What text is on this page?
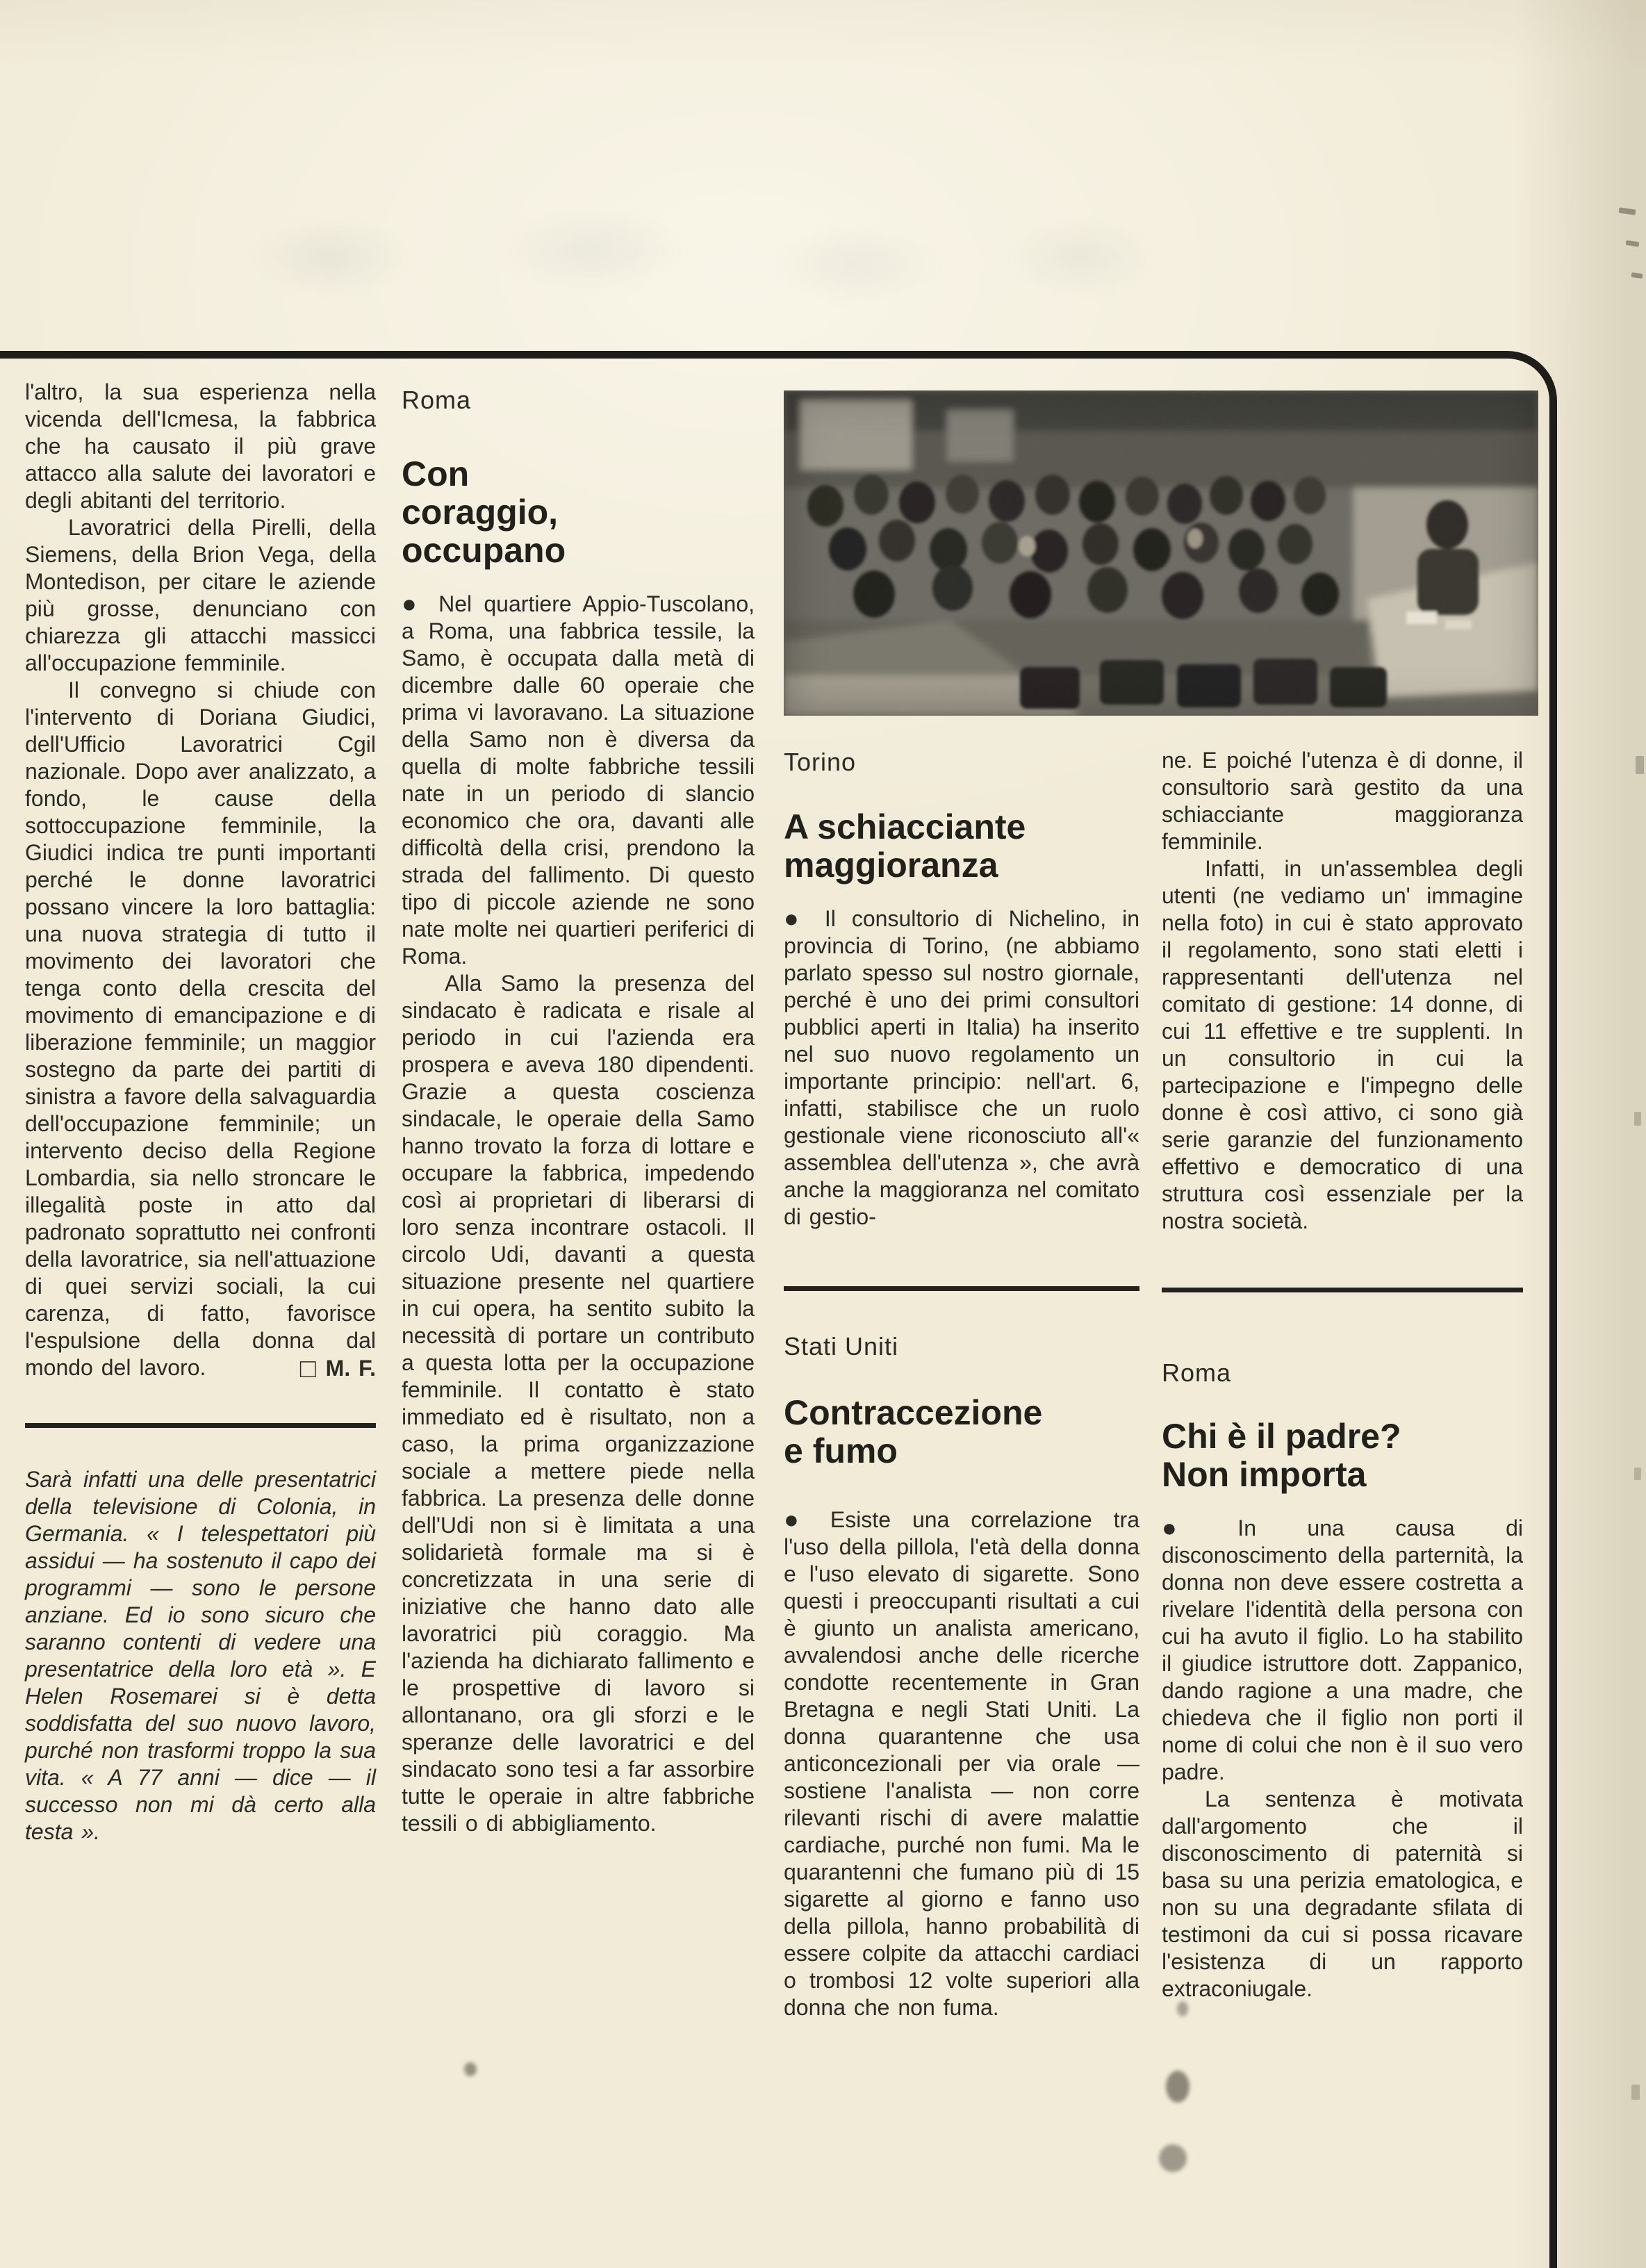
l'altro, la sua esperienza nella vicenda dell'Icmesa, la fabbrica che ha causato il più grave attacco alla salute dei lavoratori e degli abitanti del territorio.

Lavoratrici della Pirelli, della Siemens, della Brion Vega, della Montedison, per citare le aziende più grosse, denunciano con chiarezza gli attacchi massicci all'occupazione femminile.

Il convegno si chiude con l'intervento di Doriana Giudici, dell'Ufficio Lavoratrici Cgil nazionale. Dopo aver analizzato, a fondo, le cause della sottoccupazione femminile, la Giudici indica tre punti importanti perché le donne lavoratrici possano vincere la loro battaglia: una nuova strategia di tutto il movimento dei lavoratori che tenga conto della crescita del movimento di emancipazione e di liberazione femminile; un maggior sostegno da parte dei partiti di sinistra a favore della salvaguardia dell'occupazione femminile; un intervento deciso della Regione Lombardia, sia nello stroncare le illegalità poste in atto dal padronato soprattutto nei confronti della lavoratrice, sia nell'attuazione di quei servizi sociali, la cui carenza, di fatto, favorisce l'espulsione della donna dal mondo del lavoro.	□ M. F.

Sarà infatti una delle presentatrici della televisione di Colonia, in Germania. « I telespettatori più assidui — ha sostenuto il capo dei programmi — sono le persone anziane. Ed io sono sicuro che saranno contenti di vedere una presentatrice della loro età ». E Helen Rosemarei si è detta soddisfatta del suo nuovo lavoro, purché non trasformi troppo la sua vita. « A 77 anni — dice — il successo non mi dà certo alla testa ».

Roma
Con
coraggio,
occupano

● Nel quartiere Appio-Tuscolano, a Roma, una fabbrica tessile, la Samo, è occupata dalla metà di dicembre dalle 60 operaie che prima vi lavoravano. La situazione della Samo non è diversa da quella di molte fabbriche tessili nate in un periodo di slancio economico che ora, davanti alle difficoltà della crisi, prendono la strada del fallimento. Di questo tipo di piccole aziende ne sono nate molte nei quartieri periferici di Roma.

Alla Samo la presenza del sindacato è radicata e risale al periodo in cui l'azienda era prospera e aveva 180 dipendenti. Grazie a questa coscienza sindacale, le operaie della Samo hanno trovato la forza di lottare e occupare la fabbrica, impedendo così ai proprietari di liberarsi di loro senza incontrare ostacoli. Il circolo Udi, davanti a questa situazione presente nel quartiere in cui opera, ha sentito subito la necessità di portare un contributo a questa lotta per la occupazione femminile. Il contatto è stato immediato ed è risultato, non a caso, la prima organizzazione sociale a mettere piede nella fabbrica. La presenza delle donne dell'Udi non si è limitata a una solidarietà formale ma si è concretizzata in una serie di iniziative che hanno dato alle lavoratrici più coraggio. Ma l'azienda ha dichiarato fallimento e le prospettive di lavoro si allontanano, ora gli sforzi e le speranze delle lavoratrici e del sindacato sono tesi a far assorbire tutte le operaie in altre fabbriche tessili o di abbigliamento.

Torino
A schiacciante
maggioranza

● Il consultorio di Nichelino, in provincia di Torino, (ne abbiamo parlato spesso sul nostro giornale, perché è uno dei primi consultori pubblici aperti in Italia) ha inserito nel suo nuovo regolamento un importante principio: nell'art. 6, infatti, stabilisce che un ruolo gestionale viene riconosciuto all'« assemblea dell'utenza », che avrà anche la maggioranza nel comitato di gestio-

Stati Uniti
Contraccezione
e fumo

● Esiste una correlazione tra l'uso della pillola, l'età della donna e l'uso elevato di sigarette. Sono questi i preoccupanti risultati a cui è giunto un analista americano, avvalendosi anche delle ricerche condotte recentemente in Gran Bretagna e negli Stati Uniti. La donna quarantenne che usa anticoncezionali per via orale — sostiene l'analista — non corre rilevanti rischi di avere malattie cardiache, purché non fumi. Ma le quarantenni che fumano più di 15 sigarette al giorno e fanno uso della pillola, hanno probabilità di essere colpite da attacchi cardiaci o trombosi 12 volte superiori alla donna che non fuma.

ne. E poiché l'utenza è di donne, il consultorio sarà gestito da una schiacciante maggioranza femminile.

Infatti, in un'assemblea degli utenti (ne vediamo un' immagine nella foto) in cui è stato approvato il regolamento, sono stati eletti i rappresentanti dell'utenza nel comitato di gestione: 14 donne, di cui 11 effettive e tre supplenti. In un consultorio in cui la partecipazione e l'impegno delle donne è così attivo, ci sono già serie garanzie del funzionamento effettivo e democratico di una struttura così essenziale per la nostra società.

Roma
Chi è il padre?
Non importa

● In una causa di disconoscimento della parternità, la donna non deve essere costretta a rivelare l'identità della persona con cui ha avuto il figlio. Lo ha stabilito il giudice istruttore dott. Zappanico, dando ragione a una madre, che chiedeva che il figlio non porti il nome di colui che non è il suo vero padre.

La sentenza è motivata dall'argomento che il disconoscimento di paternità si basa su una perizia ematologica, e non su una degradante sfilata di testimoni da cui si possa ricavare l'esistenza di un rapporto extraconiugale.
